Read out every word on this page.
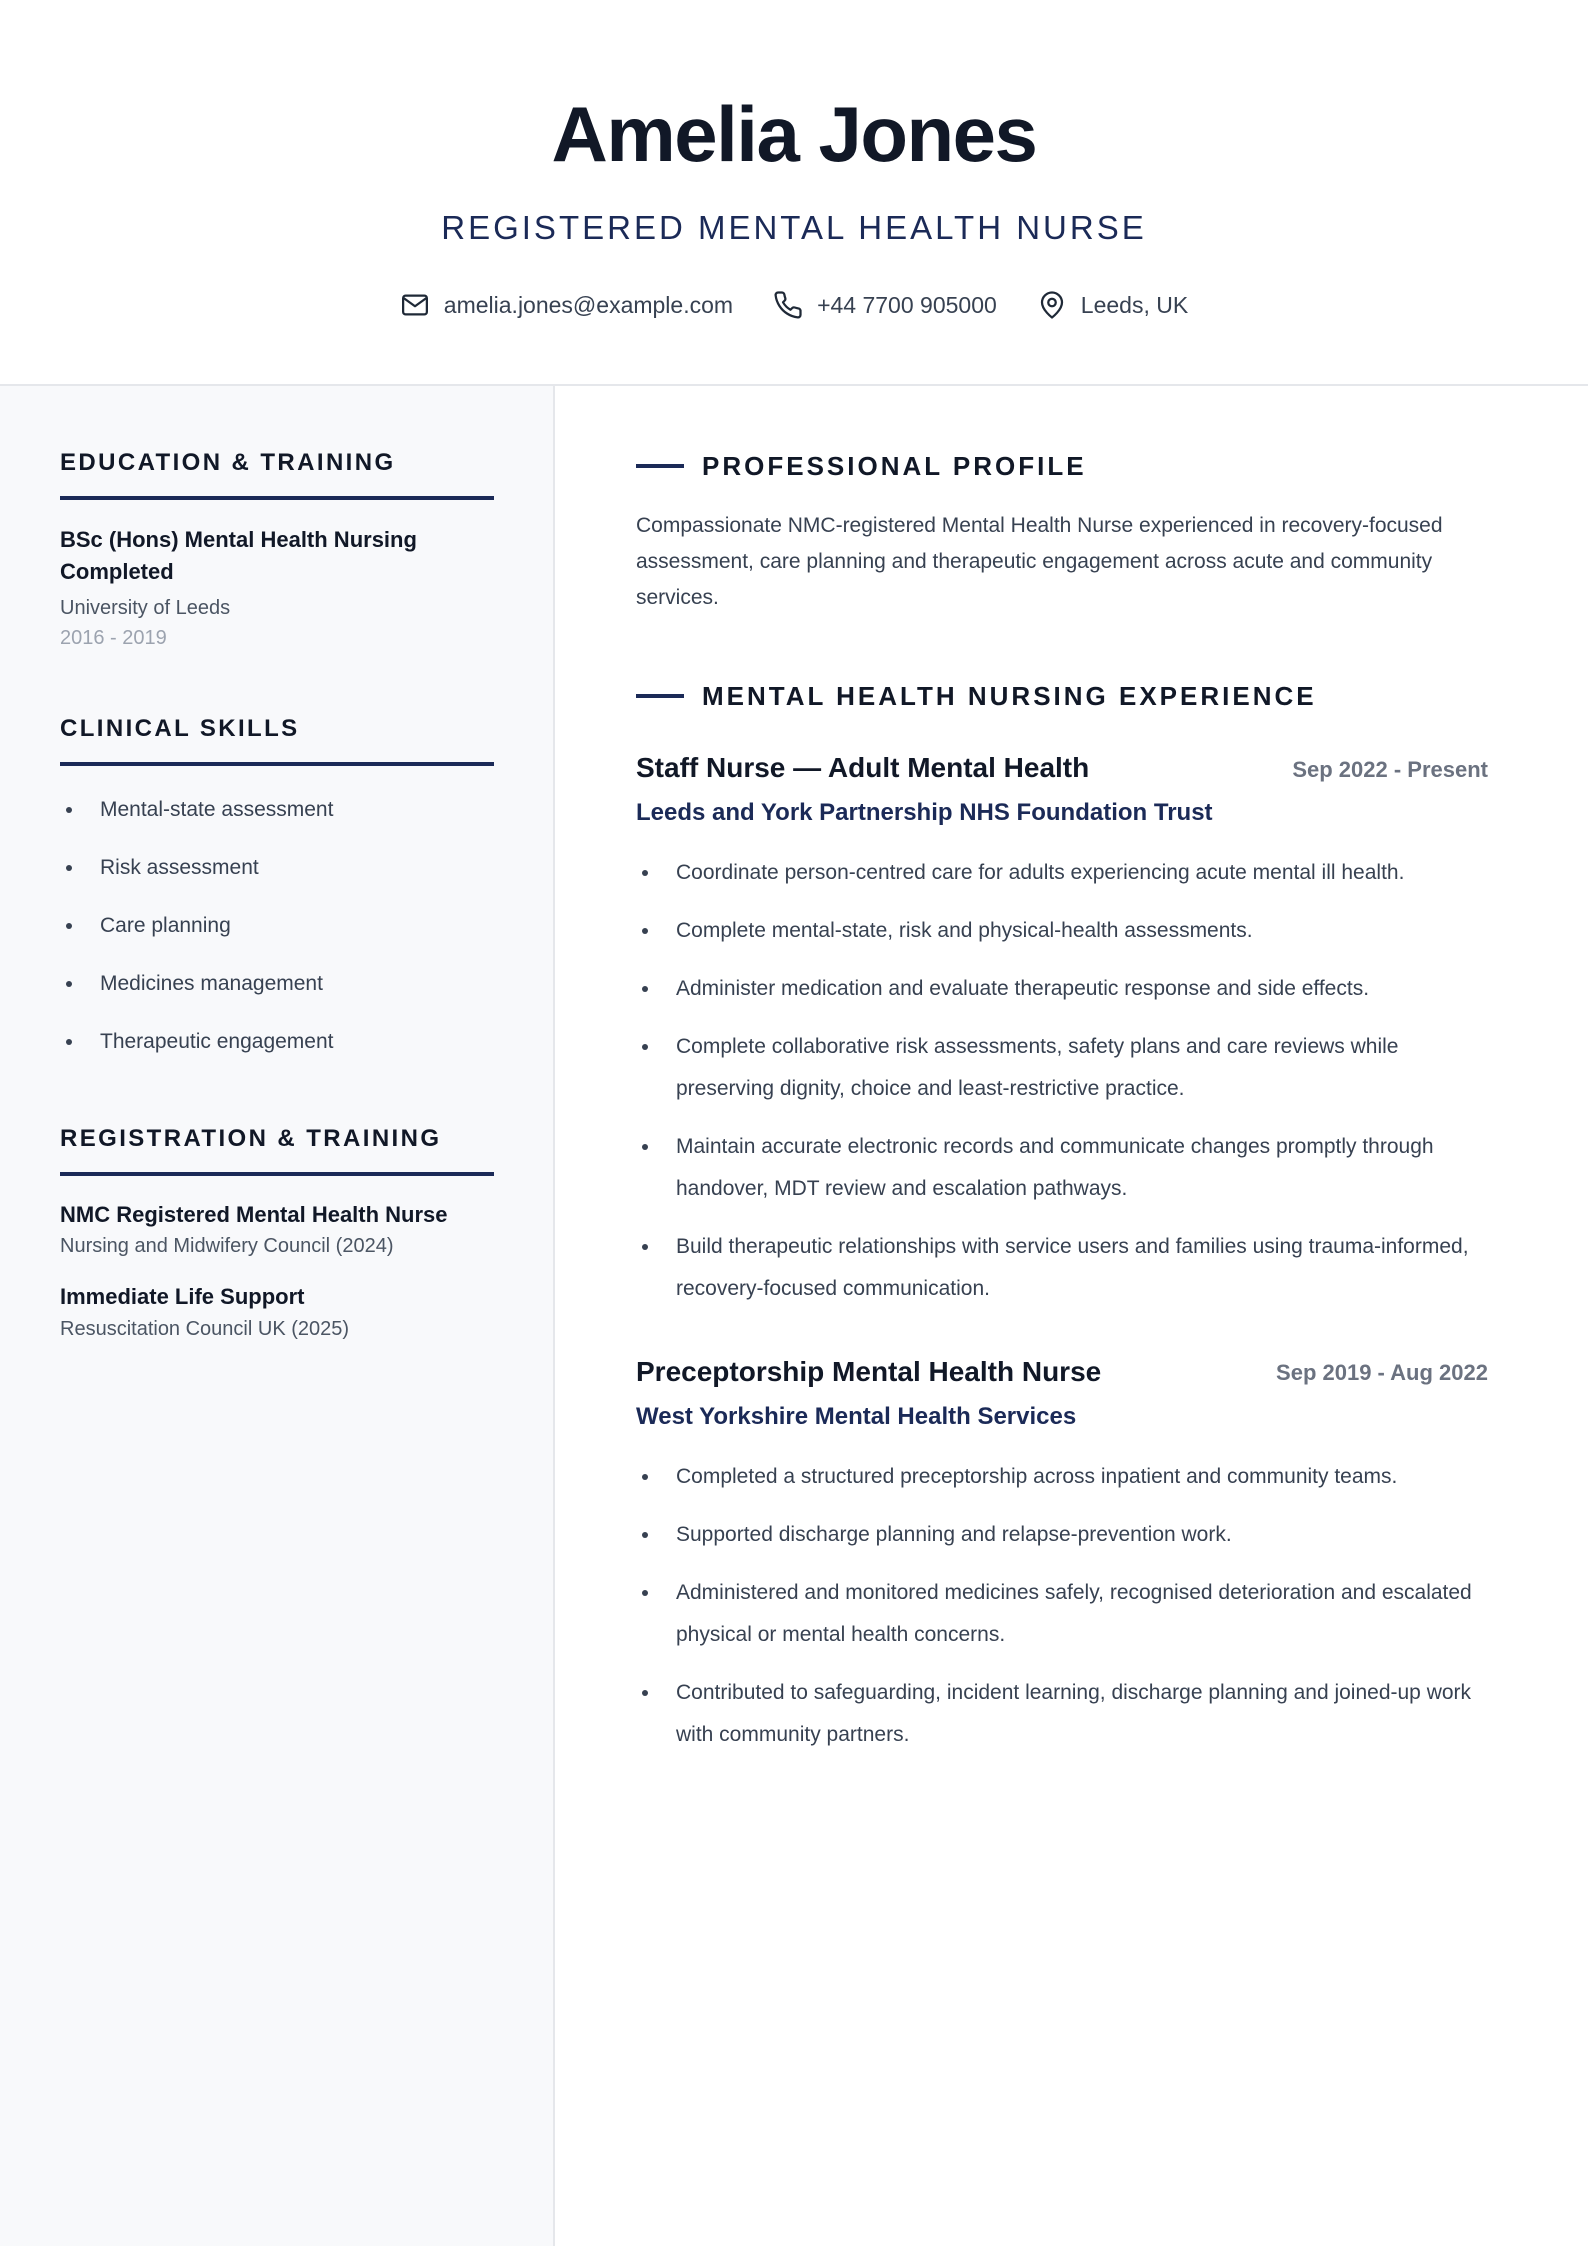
Amelia Jones
REGISTERED MENTAL HEALTH NURSE
amelia.jones@example.com	+44 7700 905000	Leeds, UK
EDUCATION & TRAINING
BSc (Hons) Mental Health Nursing
Completed
University of Leeds
2016 - 2019
CLINICAL SKILLS
Mental-state assessment
Risk assessment
Care planning
Medicines management
Therapeutic engagement
REGISTRATION & TRAINING
NMC Registered Mental Health Nurse
Nursing and Midwifery Council (2024)
Immediate Life Support
Resuscitation Council UK (2025)
PROFESSIONAL PROFILE
Compassionate NMC-registered Mental Health Nurse experienced in recovery-focused assessment, care planning and therapeutic engagement across acute and community services.
MENTAL HEALTH NURSING EXPERIENCE
Staff Nurse — Adult Mental Health	Sep 2022 - Present
Leeds and York Partnership NHS Foundation Trust
Coordinate person-centred care for adults experiencing acute mental ill health.
Complete mental-state, risk and physical-health assessments.
Administer medication and evaluate therapeutic response and side effects.
Complete collaborative risk assessments, safety plans and care reviews while preserving dignity, choice and least-restrictive practice.
Maintain accurate electronic records and communicate changes promptly through handover, MDT review and escalation pathways.
Build therapeutic relationships with service users and families using trauma-informed, recovery-focused communication.
Preceptorship Mental Health Nurse	Sep 2019 - Aug 2022
West Yorkshire Mental Health Services
Completed a structured preceptorship across inpatient and community teams.
Supported discharge planning and relapse-prevention work.
Administered and monitored medicines safely, recognised deterioration and escalated physical or mental health concerns.
Contributed to safeguarding, incident learning, discharge planning and joined-up work with community partners.
